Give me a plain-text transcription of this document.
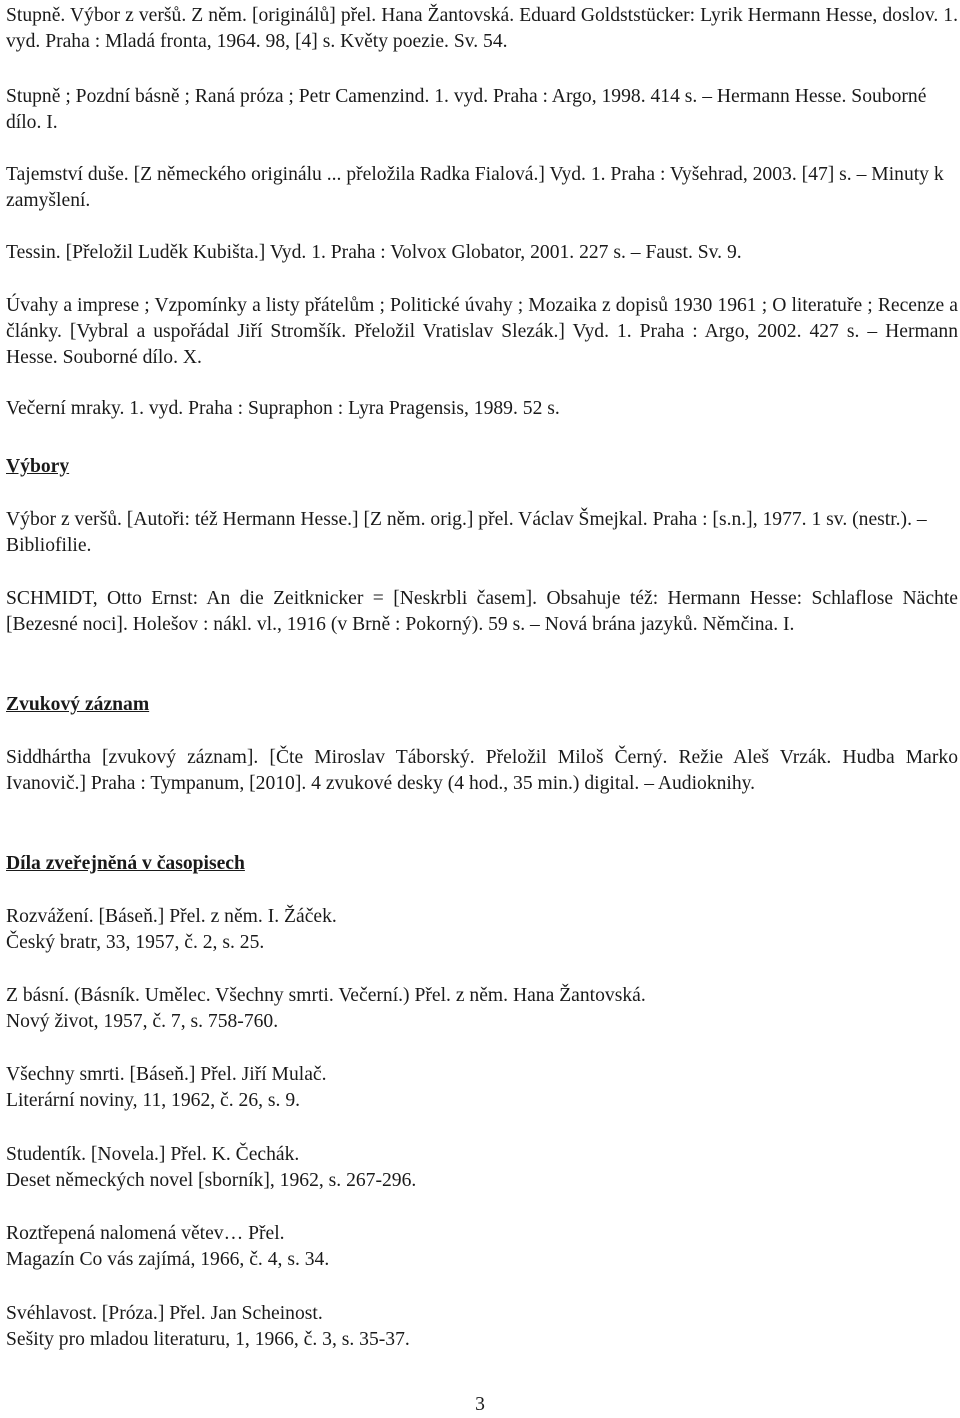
Stupně. Výbor z veršů. Z něm. [originálů] přel. Hana Žantovská. Eduard Goldststücker: Lyrik Hermann Hesse, doslov. 1. vyd. Praha : Mladá fronta, 1964. 98, [4] s. Květy poezie. Sv. 54.

Stupně ; Pozdní básně ; Raná próza ; Petr Camenzind. 1. vyd. Praha : Argo, 1998. 414 s. – Hermann Hesse. Souborné dílo. I.

Tajemství duše. [Z německého originálu ... přeložila Radka Fialová.] Vyd. 1. Praha : Vyšehrad, 2003. [47] s. – Minuty k zamyšlení.

Tessin. [Přeložil Luděk Kubišta.] Vyd. 1. Praha : Volvox Globator, 2001. 227 s. – Faust. Sv. 9.

Úvahy a imprese ; Vzpomínky a listy přátelům ; Politické úvahy ; Mozaika z dopisů 1930 1961 ; O literatuře ; Recenze a články. [Vybral a uspořádal Jiří Stromšík. Přeložil Vratislav Slezák.] Vyd. 1. Praha : Argo, 2002. 427 s. – Hermann Hesse. Souborné dílo. X.

Večerní mraky. 1. vyd. Praha : Supraphon : Lyra Pragensis, 1989. 52 s.

Výbory

Výbor z veršů. [Autoři: též Hermann Hesse.] [Z něm. orig.] přel. Václav Šmejkal. Praha : [s.n.], 1977. 1 sv. (nestr.). – Bibliofilie.

SCHMIDT, Otto Ernst: An die Zeitknicker = [Neskrbli časem]. Obsahuje též: Hermann Hesse: Schlaflose Nächte [Bezesné noci]. Holešov : nákl. vl., 1916 (v Brně : Pokorný). 59 s. – Nová brána jazyků. Němčina. I.

Zvukový záznam

Siddhártha [zvukový záznam]. [Čte Miroslav Táborský. Přeložil Miloš Černý. Režie Aleš Vrzák. Hudba Marko Ivanovič.] Praha : Tympanum, [2010]. 4 zvukové desky (4 hod., 35 min.) digital. – Audioknihy.

Díla zveřejněná v časopisech
Rozvážení. [Báseň.] Přel. z něm. I. Žáček.
Český bratr, 33, 1957, č. 2, s. 25.
Z básní. (Básník. Umělec. Všechny smrti. Večerní.) Přel. z něm. Hana Žantovská.
Nový život, 1957, č. 7, s. 758-760.
Všechny smrti. [Báseň.] Přel. Jiří Mulač.
Literární noviny, 11, 1962, č. 26, s. 9.
Studentík. [Novela.] Přel. K. Čechák.
Deset německých novel [sborník], 1962, s. 267-296.
Roztřepená nalomená větev… Přel.
Magazín Co vás zajímá, 1966, č. 4, s. 34.
Svéhlavost. [Próza.] Přel. Jan Scheinost.
Sešity pro mladou literaturu, 1, 1966, č. 3, s. 35-37.
3
